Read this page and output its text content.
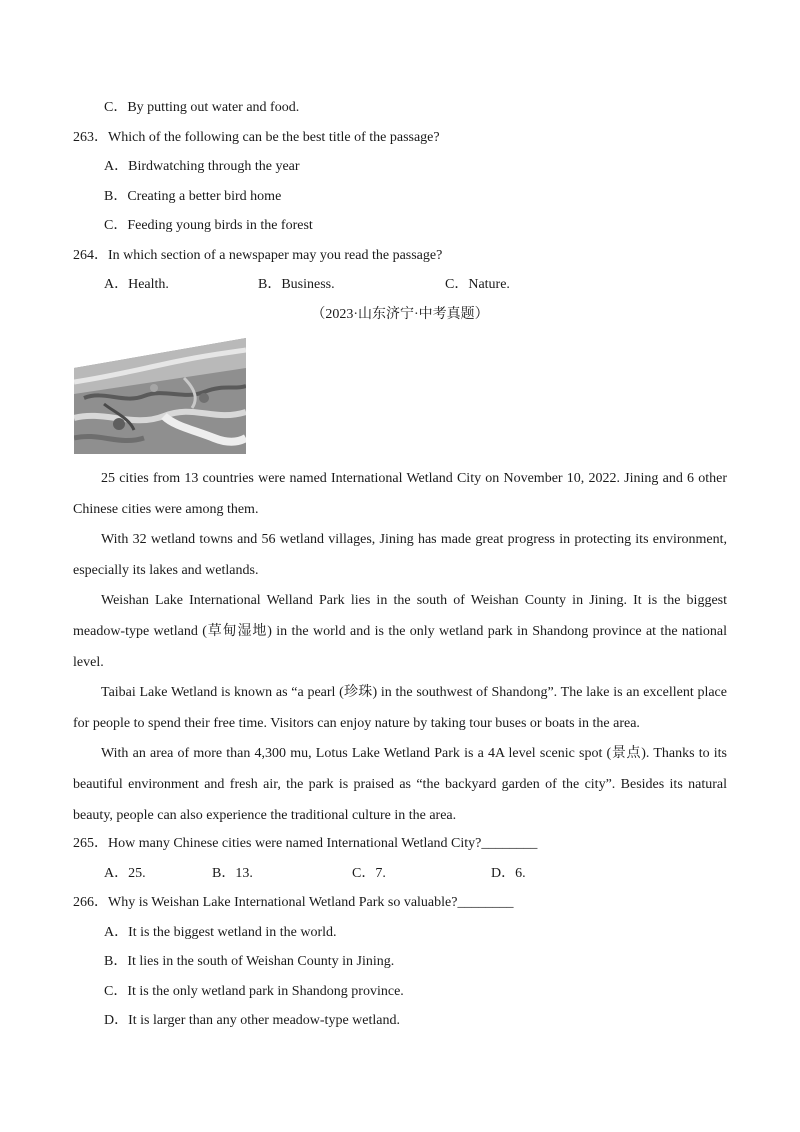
C．By putting out water and food.
263．Which of the following can be the best title of the passage?
A．Birdwatching through the year
B．Creating a better bird home
C．Feeding young birds in the forest
264．In which section of a newspaper may you read the passage?
A．Health.	B．Business.	C．Nature.
（2023·山东济宁·中考真题）
25 cities from 13 countries were named International Wetland City on November 10, 2022. Jining and 6 other Chinese cities were among them.
With 32 wetland towns and 56 wetland villages, Jining has made great progress in protecting its environment, especially its lakes and wetlands.
Weishan Lake International Welland Park lies in the south of Weishan County in Jining. It is the biggest meadow-type wetland (草甸湿地) in the world and is the only wetland park in Shandong province at the national level.
Taibai Lake Wetland is known as “a pearl (珍珠) in the southwest of Shandong”. The lake is an excellent place for people to spend their free time. Visitors can enjoy nature by taking tour buses or boats in the area.
With an area of more than 4,300 mu, Lotus Lake Wetland Park is a 4A level scenic spot (景点). Thanks to its beautiful environment and fresh air, the park is praised as “the backyard garden of the city”. Besides its natural beauty, people can also experience the traditional culture in the area.
265．How many Chinese cities were named International Wetland City?________
A．25.	B．13.	C．7.	D．6.
266．Why is Weishan Lake International Wetland Park so valuable?________
A．It is the biggest wetland in the world.
B．It lies in the south of Weishan County in Jining.
C．It is the only wetland park in Shandong province.
D．It is larger than any other meadow-type wetland.
